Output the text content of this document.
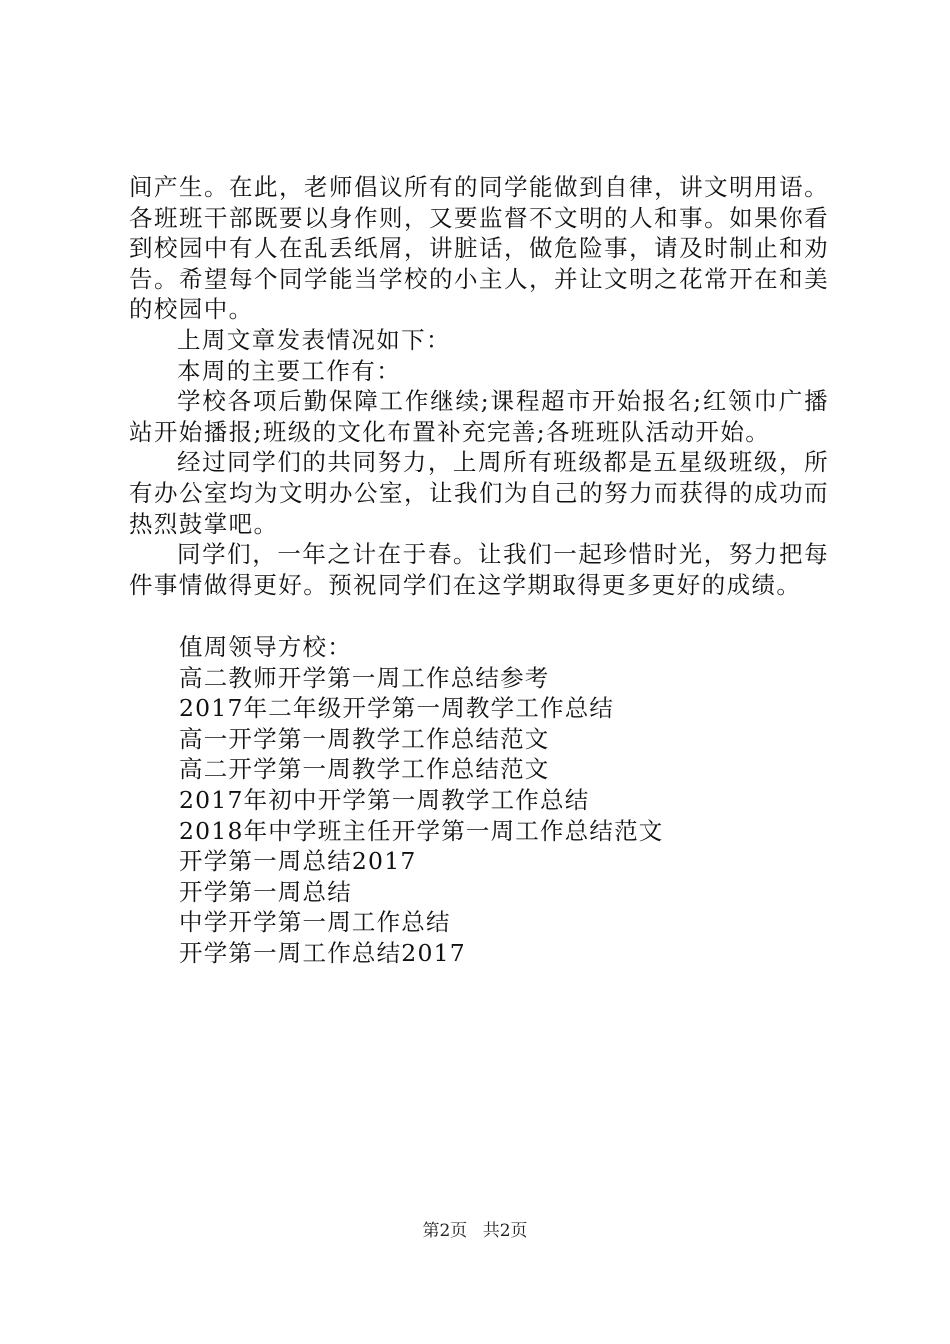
间产生。在此，老师倡议所有的同学能做到自律，讲文明用语。各班班干部既要以身作则，又要监督不文明的人和事。如果你看到校园中有人在乱丢纸屑，讲脏话，做危险事，请及时制止和劝告。希望每个同学能当学校的小主人，并让文明之花常开在和美的校园中。

上周文章发表情况如下：

本周的主要工作有：

学校各项后勤保障工作继续;课程超市开始报名;红领巾广播站开始播报;班级的文化布置补充完善;各班班队活动开始。

经过同学们的共同努力，上周所有班级都是五星级班级，所有办公室均为文明办公室，让我们为自己的努力而获得的成功而热烈鼓掌吧。

同学们，一年之计在于春。让我们一起珍惜时光，努力把每件事情做得更好。预祝同学们在这学期取得更多更好的成绩。

值周领导方校：
高二教师开学第一周工作总结参考
2017年二年级开学第一周教学工作总结
高一开学第一周教学工作总结范文
高二开学第一周教学工作总结范文
2017年初中开学第一周教学工作总结
2018年中学班主任开学第一周工作总结范文
开学第一周总结2017
开学第一周总结
中学开学第一周工作总结
开学第一周工作总结2017
第2页 共2页
